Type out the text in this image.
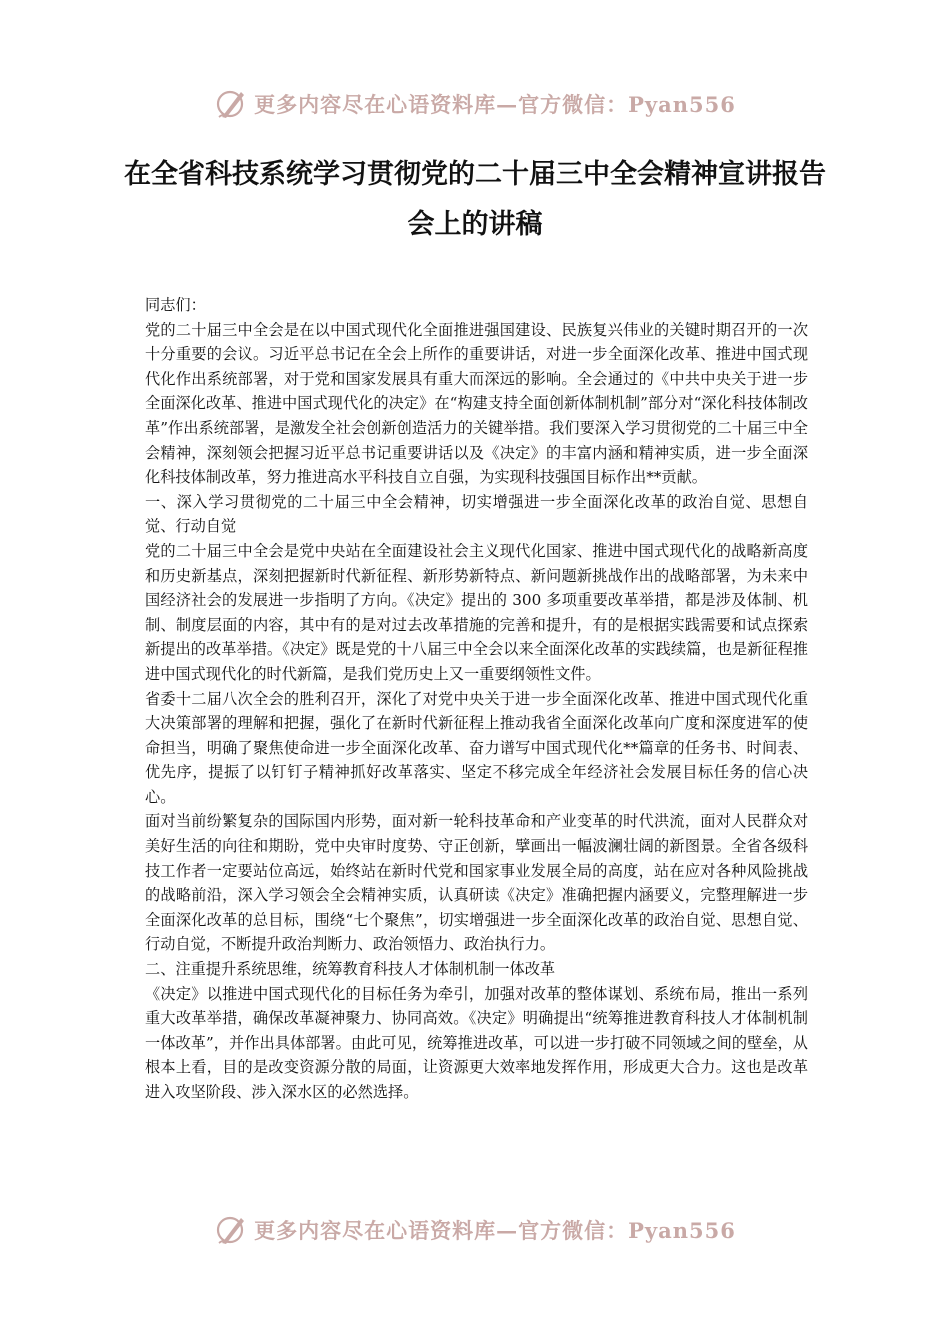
更多内容尽在心语资料库—官方微信：Pyan556
在全省科技系统学习贯彻党的二十届三中全会精神宣讲报告会上的讲稿

同志们：

党的二十届三中全会是在以中国式现代化全面推进强国建设、民族复兴伟业的关键时期召开的一次十分重要的会议。习近平总书记在全会上所作的重要讲话，对进一步全面深化改革、推进中国式现代化作出系统部署，对于党和国家发展具有重大而深远的影响。全会通过的《中共中央关于进一步全面深化改革、推进中国式现代化的决定》在“构建支持全面创新体制机制”部分对“深化科技体制改革”作出系统部署，是激发全社会创新创造活力的关键举措。我们要深入学习贯彻党的二十届三中全会精神，深刻领会把握习近平总书记重要讲话以及《决定》的丰富内涵和精神实质，进一步全面深化科技体制改革，努力推进高水平科技自立自强，为实现科技强国目标作出**贡献。

一、深入学习贯彻党的二十届三中全会精神，切实增强进一步全面深化改革的政治自觉、思想自觉、行动自觉

党的二十届三中全会是党中央站在全面建设社会主义现代化国家、推进中国式现代化的战略新高度和历史新基点，深刻把握新时代新征程、新形势新特点、新问题新挑战作出的战略部署，为未来中国经济社会的发展进一步指明了方向。《决定》提出的 300 多项重要改革举措，都是涉及体制、机制、制度层面的内容，其中有的是对过去改革措施的完善和提升，有的是根据实践需要和试点探索新提出的改革举措。《决定》既是党的十八届三中全会以来全面深化改革的实践续篇，也是新征程推进中国式现代化的时代新篇，是我们党历史上又一重要纲领性文件。

省委十二届八次全会的胜利召开，深化了对党中央关于进一步全面深化改革、推进中国式现代化重大决策部署的理解和把握，强化了在新时代新征程上推动我省全面深化改革向广度和深度进军的使命担当，明确了聚焦使命进一步全面深化改革、奋力谱写中国式现代化**篇章的任务书、时间表、优先序，提振了以钉钉子精神抓好改革落实、坚定不移完成全年经济社会发展目标任务的信心决心。

面对当前纷繁复杂的国际国内形势，面对新一轮科技革命和产业变革的时代洪流，面对人民群众对美好生活的向往和期盼，党中央审时度势、守正创新，擘画出一幅波澜壮阔的新图景。全省各级科技工作者一定要站位高远，始终站在新时代党和国家事业发展全局的高度，站在应对各种风险挑战的战略前沿，深入学习领会全会精神实质，认真研读《决定》准确把握内涵要义，完整理解进一步全面深化改革的总目标，围绕“七个聚焦”，切实增强进一步全面深化改革的政治自觉、思想自觉、行动自觉，不断提升政治判断力、政治领悟力、政治执行力。

二、注重提升系统思维，统筹教育科技人才体制机制一体改革

《决定》以推进中国式现代化的目标任务为牵引，加强对改革的整体谋划、系统布局，推出一系列重大改革举措，确保改革凝神聚力、协同高效。《决定》明确提出“统筹推进教育科技人才体制机制一体改革”，并作出具体部署。由此可见，统筹推进改革，可以进一步打破不同领域之间的壁垒，从根本上看，目的是改变资源分散的局面，让资源更大效率地发挥作用，形成更大合力。这也是改革进入攻坚阶段、涉入深水区的必然选择。

更多内容尽在心语资料库—官方微信：Pyan556
